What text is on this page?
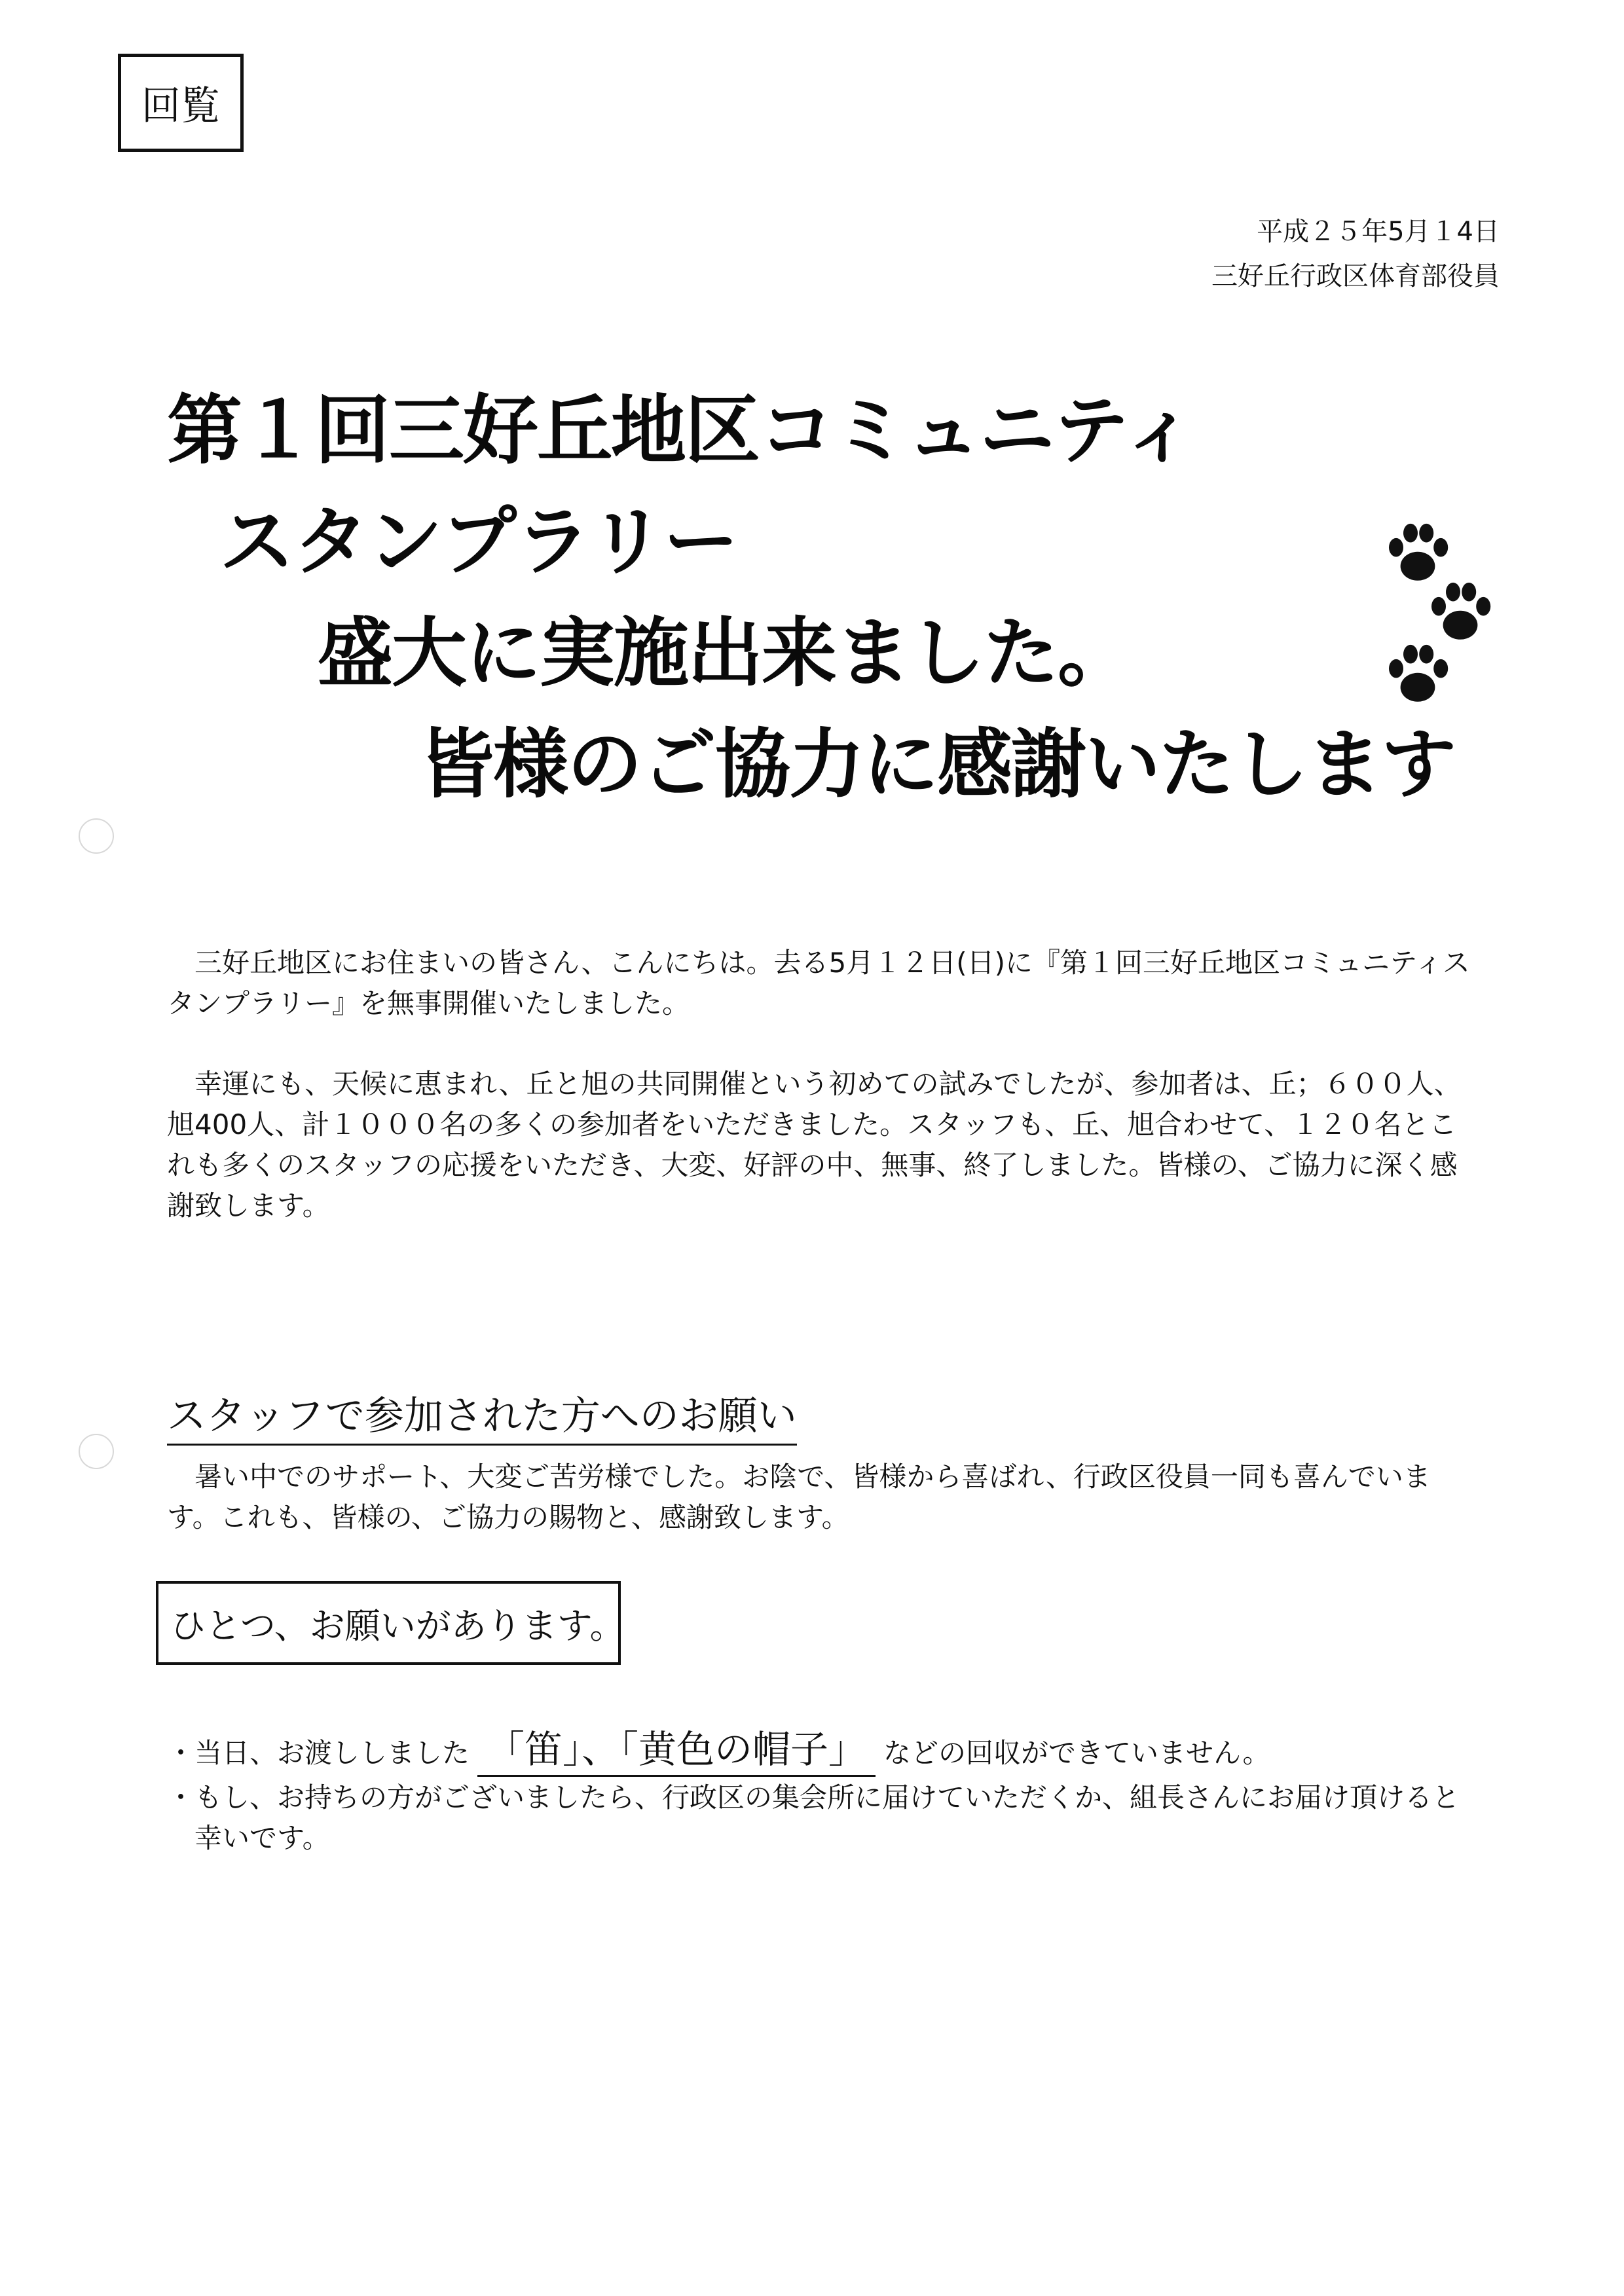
回覧
平成２５年5月１4日
三好丘行政区体育部役員
第１回三好丘地区コミュニティ
スタンプラリー
盛大に実施出来ました。
皆様のご協力に感謝いたします
　三好丘地区にお住まいの皆さん、こんにちは。去る5月１２日(日)に『第１回三好丘地区コミュニティスタンプラリー』を無事開催いたしました。
　幸運にも、天候に恵まれ、丘と旭の共同開催という初めての試みでしたが、参加者は、丘；６００人、旭400人、計１０００名の多くの参加者をいただきました。スタッフも、丘、旭合わせて、１２０名とこれも多くのスタッフの応援をいただき、大変、好評の中、無事、終了しました。皆様の、ご協力に深く感謝致します。
スタッフで参加された方へのお願い
　暑い中でのサポート、大変ご苦労様でした。お陰で、皆様から喜ばれ、行政区役員一同も喜んでいます。これも、皆様の、ご協力の賜物と、感謝致します。
ひとつ、お願いがあります。
・当日、お渡ししました 「笛」、「黄色の帽子」 などの回収ができていません。
・もし、お持ちの方がございましたら、行政区の集会所に届けていただくか、組長さんにお届け頂けると
　幸いです。
